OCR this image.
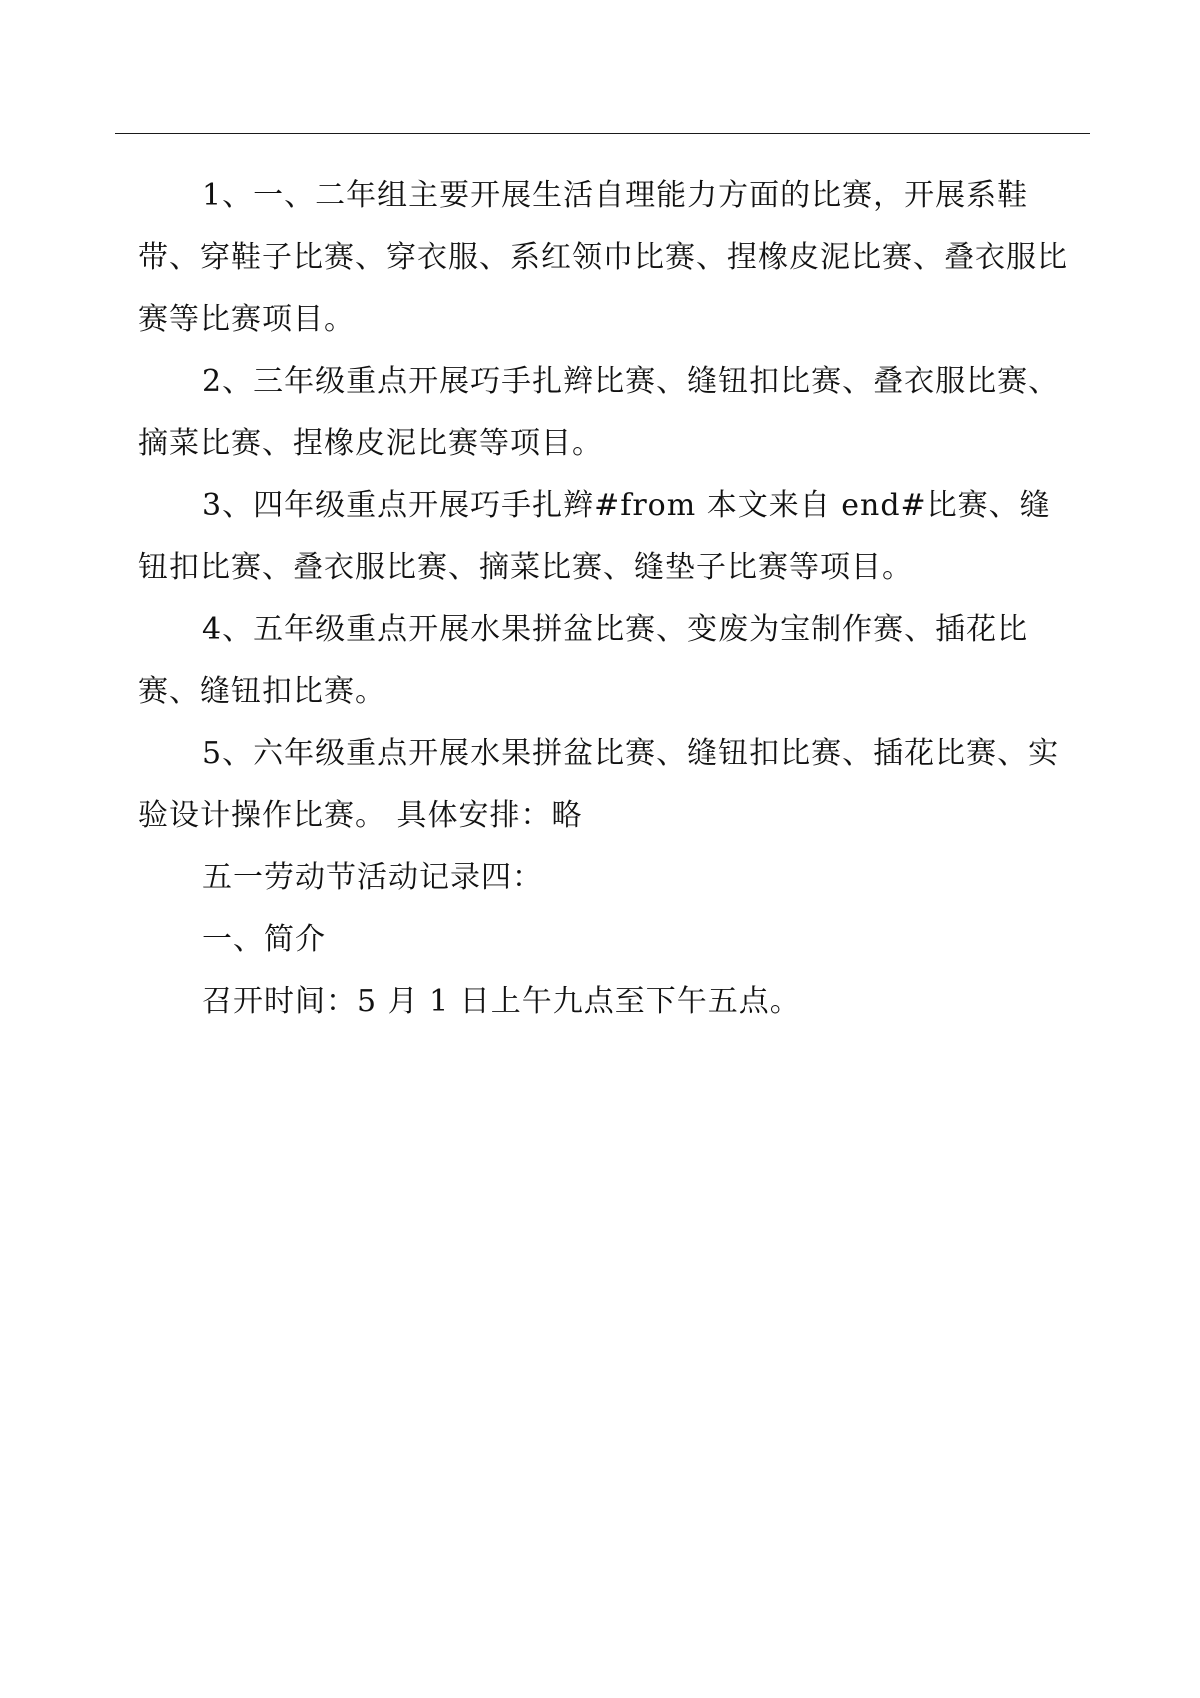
1、一、二年组主要开展生活自理能力方面的比赛，开展系鞋带、穿鞋子比赛、穿衣服、系红领巾比赛、捏橡皮泥比赛、叠衣服比赛等比赛项目。

2、三年级重点开展巧手扎辫比赛、缝钮扣比赛、叠衣服比赛、摘菜比赛、捏橡皮泥比赛等项目。

3、四年级重点开展巧手扎辫#from 本文来自 end#比赛、缝钮扣比赛、叠衣服比赛、摘菜比赛、缝垫子比赛等项目。

4、五年级重点开展水果拼盆比赛、变废为宝制作赛、插花比赛、缝钮扣比赛。

5、六年级重点开展水果拼盆比赛、缝钮扣比赛、插花比赛、实验设计操作比赛。 具体安排：略

五一劳动节活动记录四：

一、简介

召开时间：5 月 1 日上午九点至下午五点。
